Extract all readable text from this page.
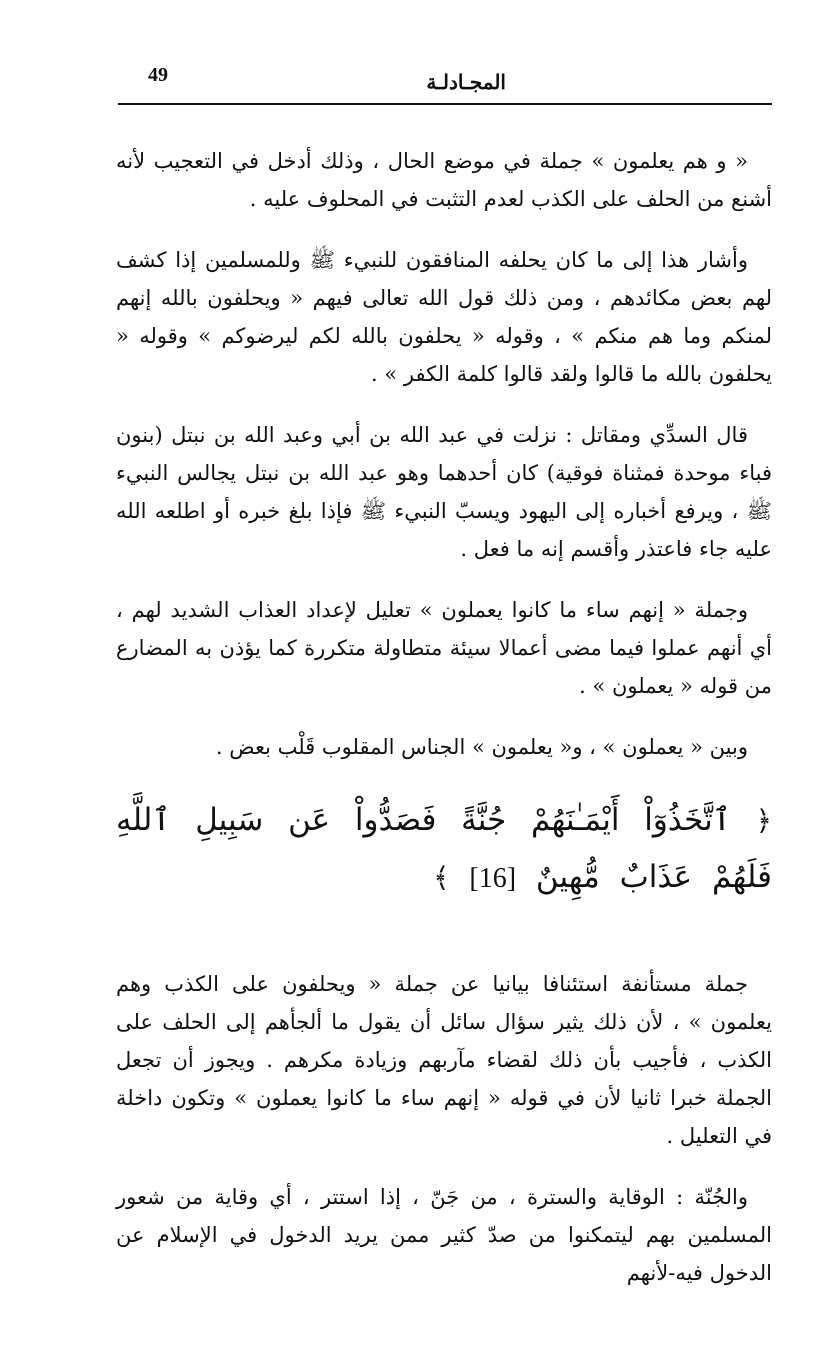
المجـادلـة
49

« و هم يعلمون » جملة في موضع الحال ، وذلك أدخل في التعجيب لأنه أشنع من الحلف على الكذب لعدم التثبت في المحلوف عليه .

وأشار هذا إلى ما كان يحلفه المنافقون للنبيء ﷺ وللمسلمين إذا كشف لهم بعض مكائدهم ، ومن ذلك قول الله تعالى فيهم « ويحلفون بالله إنهم لمنكم وما هم منكم » ، وقوله « يحلفون بالله لكم ليرضوكم » وقوله « يحلفون بالله ما قالوا ولقد قالوا كلمة الكفر » .

قال السدِّي ومقاتل : نزلت في عبد الله بن أبي وعبد الله بن نبتل (بنون فباء موحدة فمثناة فوقية) كان أحدهما وهو عبد الله بن نبتل يجالس النبيء ﷺ ، ويرفع أخباره إلى اليهود ويسبّ النبيء ﷺ فإذا بلغ خبره أو اطلعه الله عليه جاء فاعتذر وأقسم إنه ما فعل .

وجملة « إنهم ساء ما كانوا يعملون » تعليل لإعداد العذاب الشديد لهم ، أي أنهم عملوا فيما مضى أعمالا سيئة متطاولة متكررة كما يؤذن به المضارع من قوله « يعملون » .

وبين « يعملون » ، و« يعلمون » الجناس المقلوب قَلْب بعض .

﴿ ٱتَّخَذُوٓاْ أَيْمَـٰنَهُمْ جُنَّةً فَصَدُّواْ عَن سَبِيلِ ٱللَّهِ فَلَهُمْ عَذَابٌ مُّهِينٌ [16] ﴾

جملة مستأنفة استئنافا بيانيا عن جملة « ويحلفون على الكذب وهم يعلمون » ، لأن ذلك يثير سؤال سائل أن يقول ما ألجأهم إلى الحلف على الكذب ، فأجيب بأن ذلك لقضاء مآربهم وزيادة مكرهم . ويجوز أن تجعل الجملة خبرا ثانيا لأن في قوله « إنهم ساء ما كانوا يعملون » وتكون داخلة في التعليل .

والجُنّة : الوقاية والسترة ، من جَنّ ، إذا استتر ، أي وقاية من شعور المسلمين بهم ليتمكنوا من صدّ كثير ممن يريد الدخول في الإسلام عن الدخول فيه-لأنهم
